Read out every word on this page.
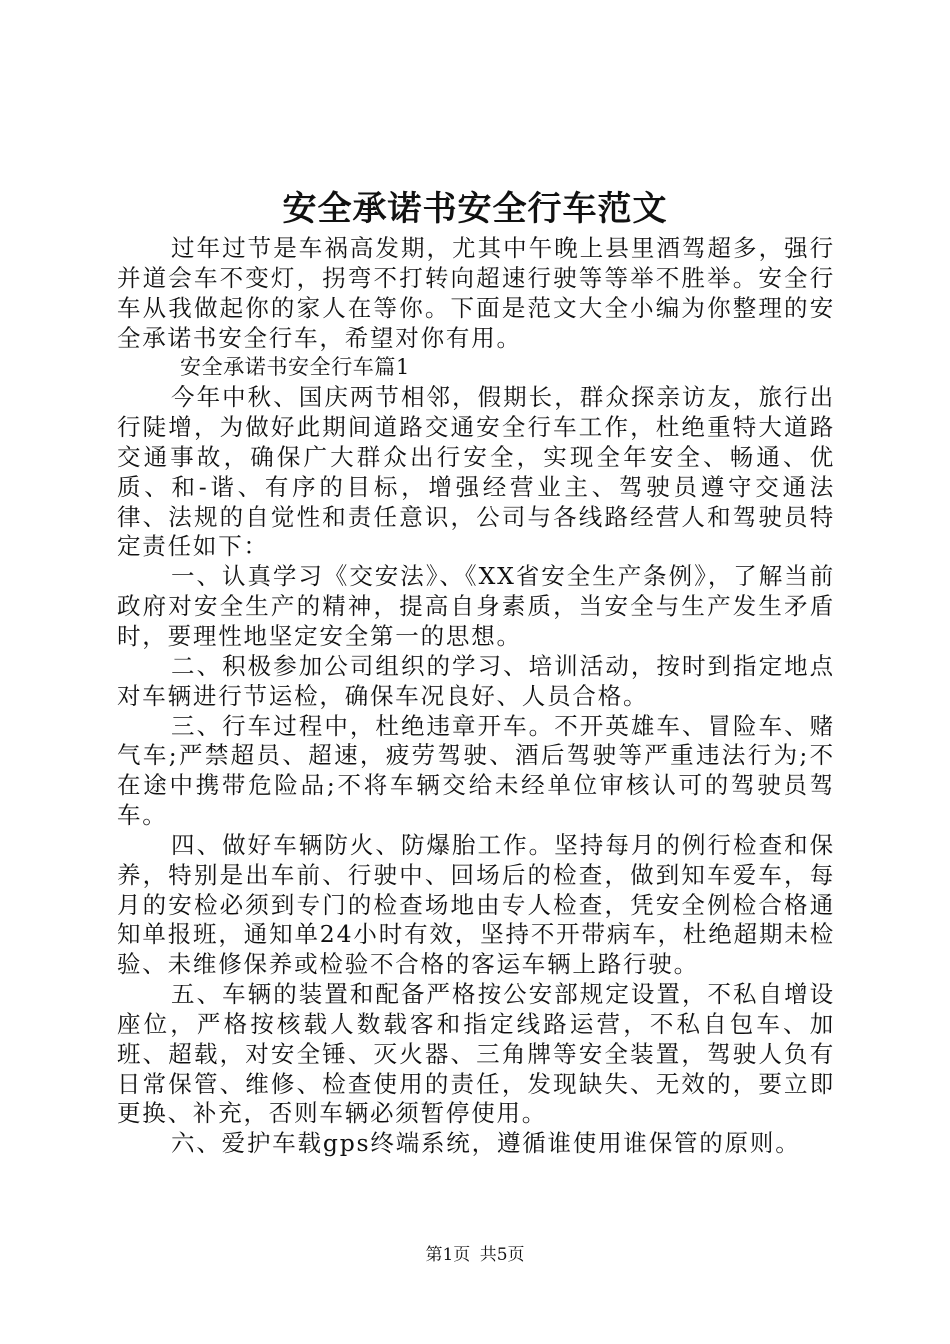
安全承诺书安全行车范文

过年过节是车祸高发期，尤其中午晚上县里酒驾超多，强行并道会车不变灯，拐弯不打转向超速行驶等等举不胜举。安全行车从我做起你的家人在等你。下面是范文大全小编为你整理的安全承诺书安全行车，希望对你有用。

安全承诺书安全行车篇1

今年中秋、国庆两节相邻，假期长，群众探亲访友，旅行出行陡增，为做好此期间道路交通安全行车工作，杜绝重特大道路交通事故，确保广大群众出行安全，实现全年安全、畅通、优质、和-谐、有序的目标，增强经营业主、驾驶员遵守交通法律、法规的自觉性和责任意识，公司与各线路经营人和驾驶员特定责任如下：

一、认真学习《交安法》、《XX省安全生产条例》，了解当前政府对安全生产的精神，提高自身素质，当安全与生产发生矛盾时，要理性地坚定安全第一的思想。

二、积极参加公司组织的学习、培训活动，按时到指定地点对车辆进行节运检，确保车况良好、人员合格。

三、行车过程中，杜绝违章开车。不开英雄车、冒险车、赌气车;严禁超员、超速，疲劳驾驶、酒后驾驶等严重违法行为;不在途中携带危险品;不将车辆交给未经单位审核认可的驾驶员驾车。

四、做好车辆防火、防爆胎工作。坚持每月的例行检查和保养，特别是出车前、行驶中、回场后的检查，做到知车爱车，每月的安检必须到专门的检查场地由专人检查，凭安全例检合格通知单报班，通知单24小时有效，坚持不开带病车，杜绝超期未检验、未维修保养或检验不合格的客运车辆上路行驶。

五、车辆的装置和配备严格按公安部规定设置，不私自增设座位，严格按核载人数载客和指定线路运营，不私自包车、加班、超载，对安全锤、灭火器、三角牌等安全装置，驾驶人负有日常保管、维修、检查使用的责任，发现缺失、无效的，要立即更换、补充，否则车辆必须暂停使用。

六、爱护车载gps终端系统，遵循谁使用谁保管的原则。

第1页 共5页
